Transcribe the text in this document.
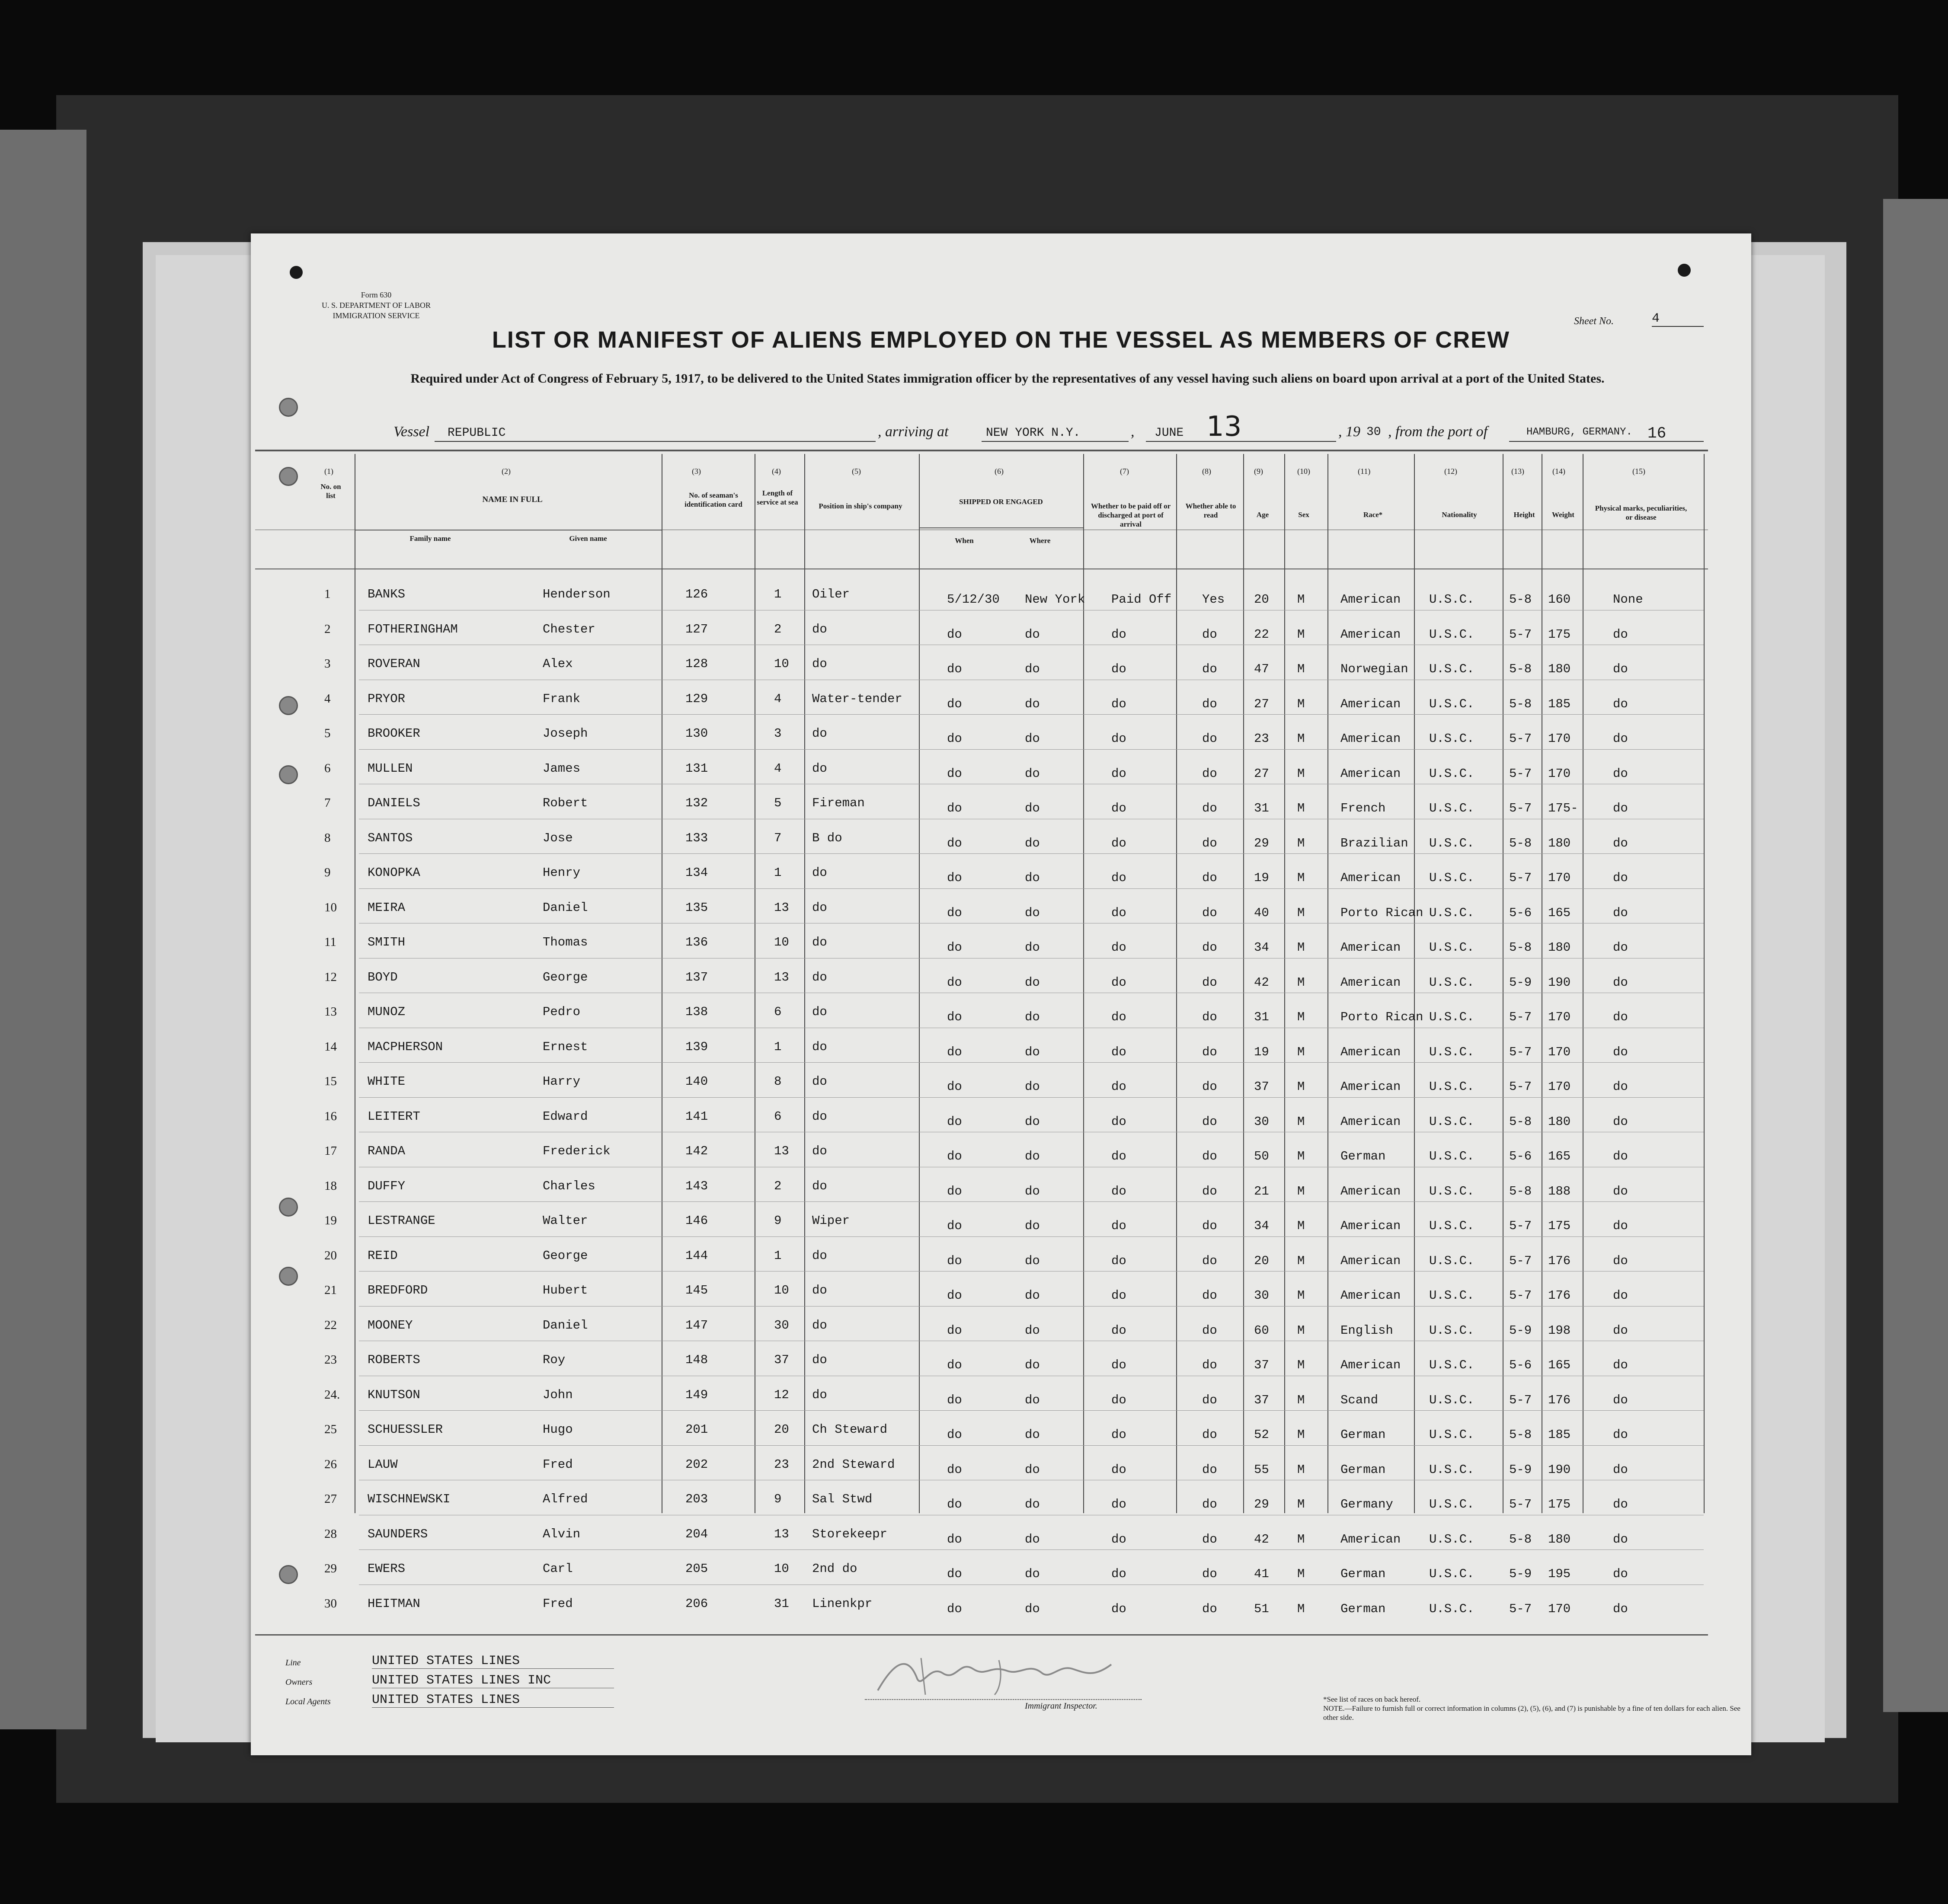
Form 630
U. S. DEPARTMENT OF LABOR
IMMIGRATION SERVICE	Sheet No.	4
LIST OR MANIFEST OF ALIENS EMPLOYED ON THE VESSEL AS MEMBERS OF CREW
Required under Act of Congress of February 5, 1917, to be delivered to the United States immigration officer by the representatives of any vessel having such aliens on board upon arrival at a port of the United States.
Vessel REPUBLIC	, arriving at	NEW YORK N.Y.	, JUNE 13	, 19 30 , from the port of	HAMBURG, GERMANY. 16
(1)	(2)	(3)	(4)	(5)	(6)	(7)	(8)	(9)	(10)	(11)	(12)	(13)	(14)	(15)
No. on list	NAME IN FULL
Family name	Given name
No. of seaman's identification card
Length of service at sea	Position in ship's company
SHIPPED OR ENGAGED
When	Where
Whether to be paid off or discharged at port of arrival
Whether able to read	Age	Sex	Race*	Nationality	Height	Weight
Physical marks, peculiarities, or disease
1	BANKS	Henderson	126	1 Oiler	5/12/30 New York Paid Off Yes 20 M	American U.S.C.	5-8 160	None
2	FOTHERINGHAM	Chester	127	2 do	do	do	do	do	22 M	American U.S.C.	5-7 175	do
3	ROVERAN	Alex	128	10 do	do	do	do	do	47 M	Norwegian U.S.C.	5-8 180	do
4	PRYOR	Frank	129	4 Water-tender	do	do	do	do	27 M	American U.S.C.	5-8 185	do
5	BROOKER	Joseph	130	3 do	do	do	do	do	23 M	American U.S.C.	5-7 170	do
6	MULLEN	James	131	4 do	do	do	do	do	27 M	American U.S.C.	5-7 170	do
7	DANIELS	Robert	132	5 Fireman	do	do	do	do	31 M	French	U.S.C.	5-7 175-	do
8	SANTOS	Jose	133	7 B do	do	do	do	do	29 M	Brazilian U.S.C.	5-8 180	do
9	KONOPKA	Henry	134	1 do	do	do	do	do	19 M	American U.S.C.	5-7 170	do
10 MEIRA	Daniel	135	13 do	do	do	do	do	40 M	Porto Rican U.S.C.	5-6 165	do
11 SMITH	Thomas	136	10 do	do	do	do	do	34 M	American U.S.C.	5-8 180	do
12 BOYD	George	137	13 do	do	do	do	do	42 M	American U.S.C.	5-9 190	do
13 MUNOZ	Pedro	138	6 do	do	do	do	do	31 M	Porto Rican U.S.C.	5-7 170	do
14 MACPHERSON	Ernest	139	1 do	do	do	do	do	19 M	American U.S.C.	5-7 170	do
15 WHITE	Harry	140	8 do	do	do	do	do	37 M	American U.S.C.	5-7 170	do
16 LEITERT	Edward	141	6 do	do	do	do	do	30 M	American U.S.C.	5-8 180	do
17 RANDA	Frederick	142	13 do	do	do	do	do	50 M	German	U.S.C.	5-6 165	do
18 DUFFY	Charles	143	2 do	do	do	do	do	21 M	American U.S.C.	5-8 188	do
19 LESTRANGE	Walter	146	9 Wiper	do	do	do	do	34 M	American U.S.C.	5-7 175	do
20 REID	George	144	1 do	do	do	do	do	20 M	American U.S.C.	5-7 176	do
21 BREDFORD	Hubert	145	10 do	do	do	do	do	30 M	American U.S.C.	5-7 176	do
22 MOONEY	Daniel	147	30 do	do	do	do	do	60 M	English	U.S.C.	5-9 198	do
23 ROBERTS	Roy	148	37 do	do	do	do	do	37 M	American U.S.C.	5-6 165	do
24. KNUTSON	John	149	12 do	do	do	do	do	37 M	Scand	U.S.C.	5-7 176	do
25 SCHUESSLER	Hugo	201	20 Ch Steward	do	do	do	do	52 M	German	U.S.C.	5-8 185	do
26 LAUW	Fred	202	23 2nd Steward	do	do	do	do	55 M	German	U.S.C.	5-9 190	do
27 WISCHNEWSKI	Alfred	203	9 Sal Stwd	do	do	do	do	29 M	Germany	U.S.C.	5-7 175	do
28 SAUNDERS	Alvin	204	13 Storekeepr	do	do	do	do	42 M	American U.S.C.	5-8 180	do
29 EWERS	Carl	205	10 2nd do	do	do	do	do	41 M	German	U.S.C.	5-9 195	do
30 HEITMAN	Fred	206	31 Linenkpr	do	do	do	do	51 M	German	U.S.C.	5-7 170	do
Line	UNITED STATES LINES
Owners	UNITED STATES LINES INC
Local Agents	UNITED STATES LINES	Immigrant Inspector.
*See list of races on back hereof.
NOTE.—Failure to furnish full or correct information in columns (2), (5), (6), and (7) is punishable by a fine of ten dollars for each alien. See other side.
